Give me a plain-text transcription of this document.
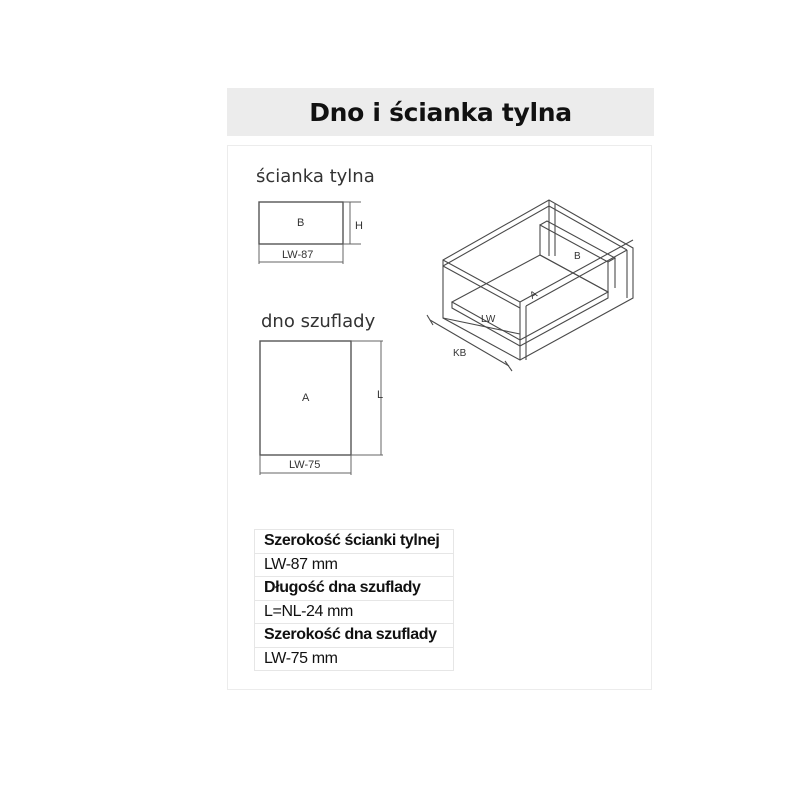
Dno i ścianka tylna
ścianka tylna
dno szuflady
B	H
LW-87
A	L
LW-75
B
A
LW
KB
Szerokość ścianki tylnej
LW-87 mm
Długość dna szuflady
L=NL-24 mm
Szerokość dna szuflady
LW-75 mm
